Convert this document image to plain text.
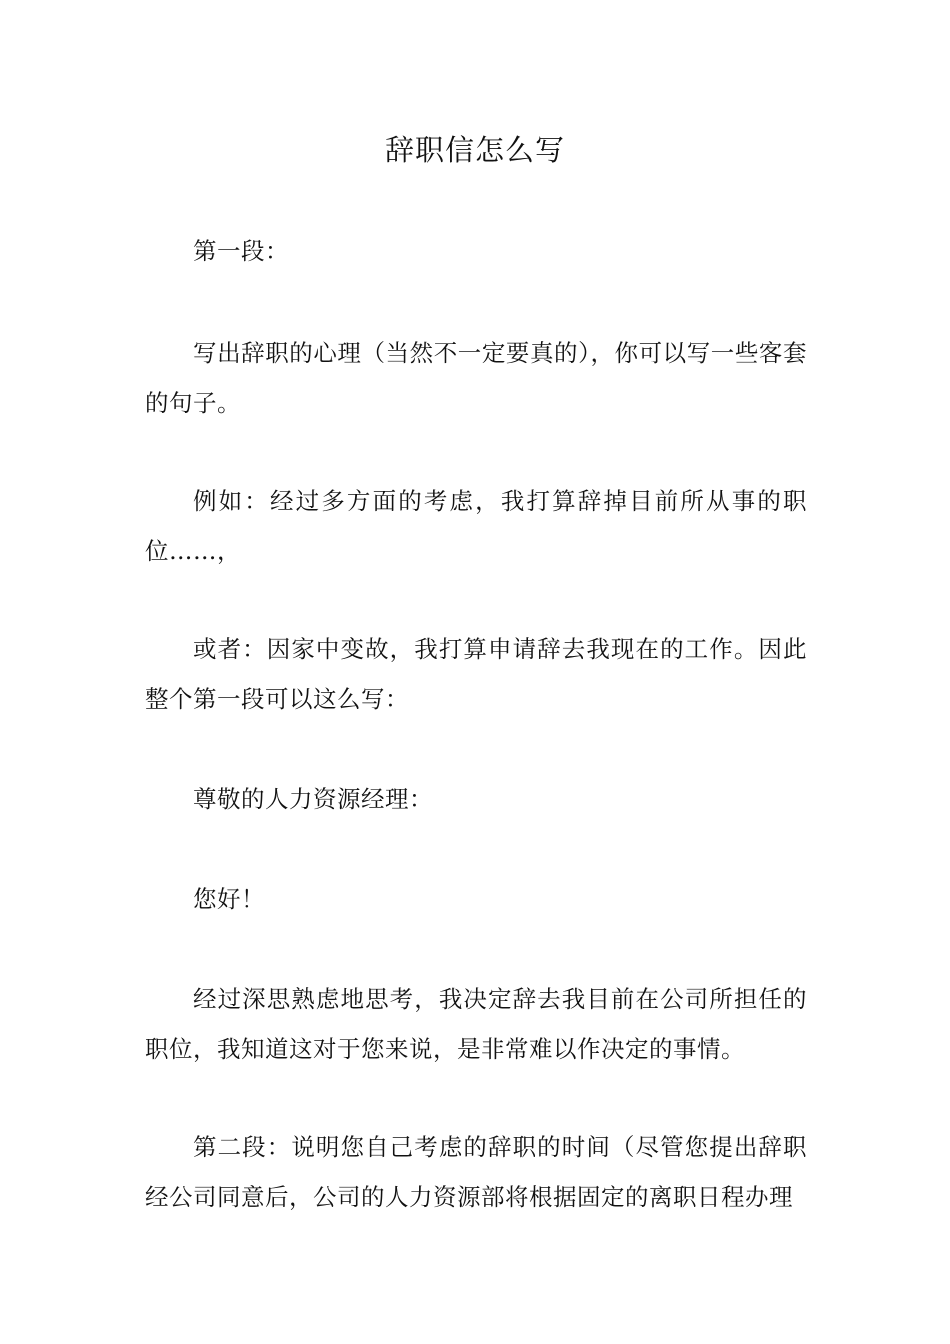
辞职信怎么写

第一段：

写出辞职的心理（当然不一定要真的），你可以写一些客套的句子。

例如：经过多方面的考虑，我打算辞掉目前所从事的职位……，

或者：因家中变故，我打算申请辞去我现在的工作。因此整个第一段可以这么写：

尊敬的人力资源经理：

您好！

经过深思熟虑地思考，我决定辞去我目前在公司所担任的职位，我知道这对于您来说，是非常难以作决定的事情。

第二段：说明您自己考虑的辞职的时间（尽管您提出辞职经公司同意后，公司的人力资源部将根据固定的离职日程办理
